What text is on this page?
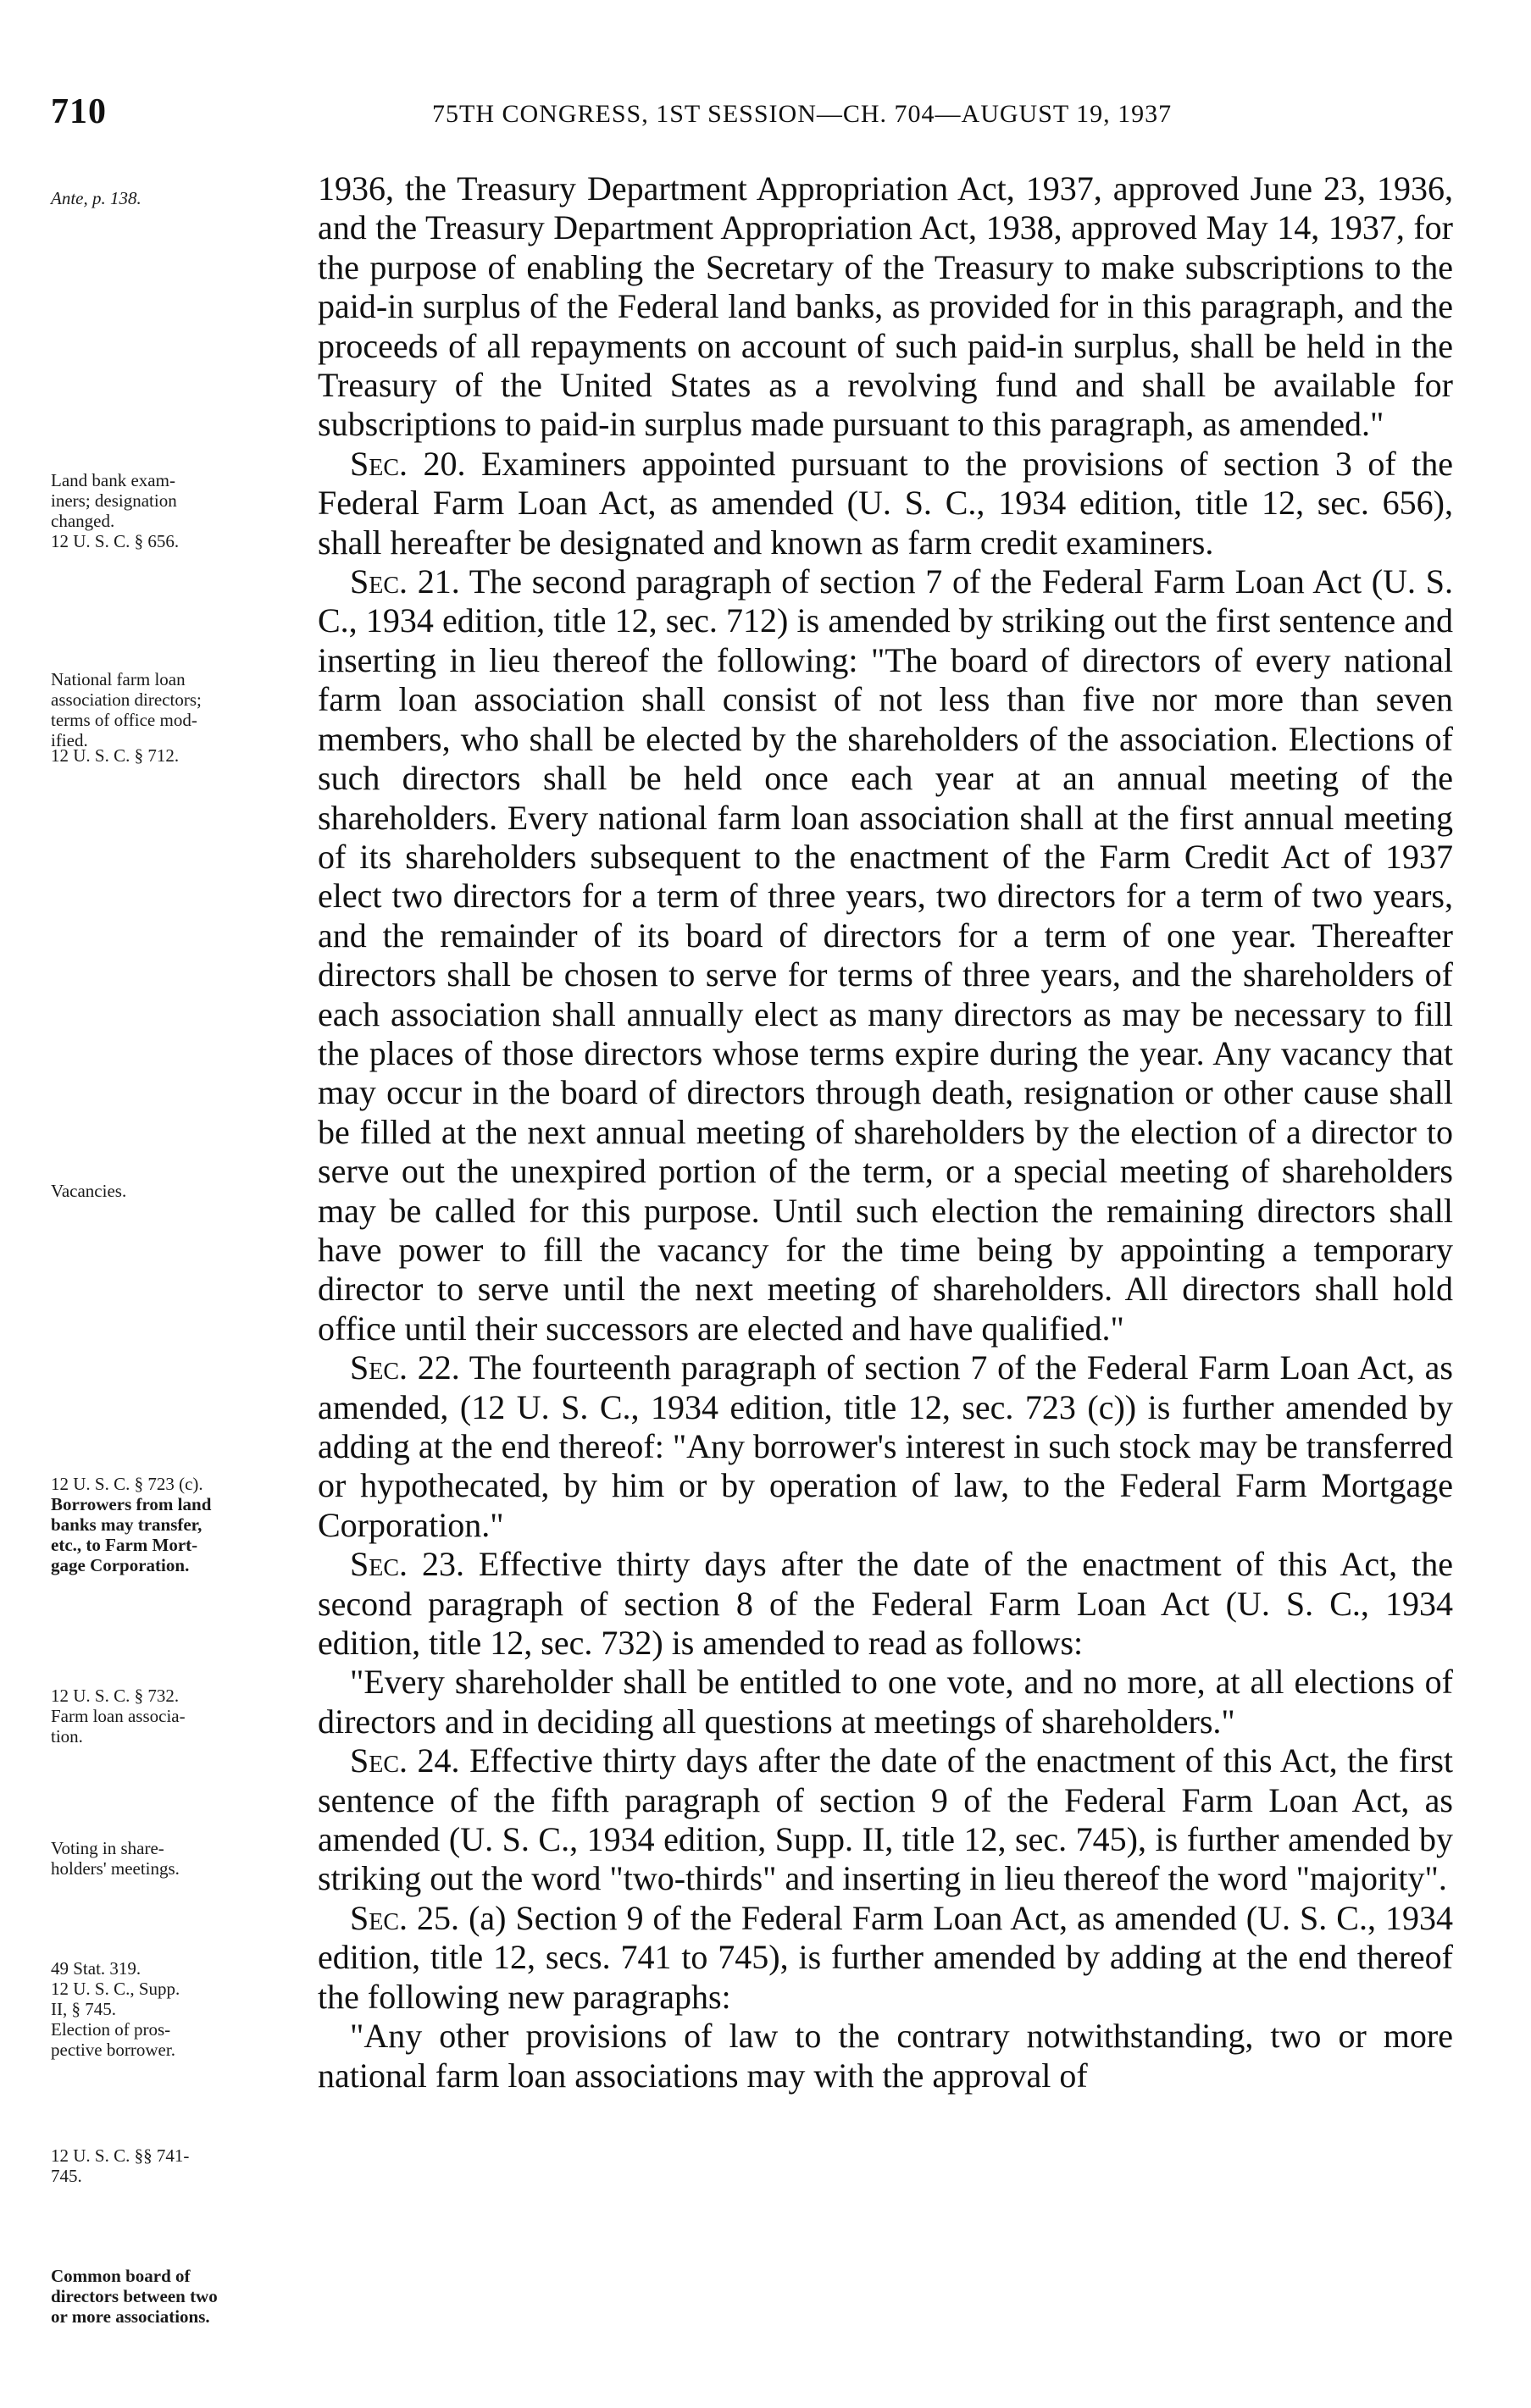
710	75TH CONGRESS, 1ST SESSION—CH. 704—AUGUST 19, 1937
Ante, p. 138.
Land bank exam-
iners; designation
changed.
12 U. S. C. § 656.
National farm loan
association directors;
terms of office mod-
ified.
12 U. S. C. § 712.
Vacancies.
12 U. S. C. § 723 (c).
Borrowers from land
banks may transfer,
etc., to Farm Mort-
gage Corporation.
12 U. S. C. § 732.
Farm loan associa-
tion.
Voting in share-
holders' meetings.
49 Stat. 319.
12 U. S. C., Supp.
II, § 745.
Election of pros-
pective borrower.
12 U. S. C. §§ 741-
745.
Common board of
directors between two
or more associations.

1936, the Treasury Department Appropriation Act, 1937, approved June 23, 1936, and the Treasury Department Appropriation Act, 1938, approved May 14, 1937, for the purpose of enabling the Secretary of the Treasury to make subscriptions to the paid-in surplus of the Federal land banks, as provided for in this paragraph, and the proceeds of all repayments on account of such paid-in surplus, shall be held in the Treasury of the United States as a revolving fund and shall be available for subscriptions to paid-in surplus made pursuant to this paragraph, as amended."

Sec. 20. Examiners appointed pursuant to the provisions of section 3 of the Federal Farm Loan Act, as amended (U. S. C., 1934 edition, title 12, sec. 656), shall hereafter be designated and known as farm credit examiners.

Sec. 21. The second paragraph of section 7 of the Federal Farm Loan Act (U. S. C., 1934 edition, title 12, sec. 712) is amended by striking out the first sentence and inserting in lieu thereof the following: "The board of directors of every national farm loan association shall consist of not less than five nor more than seven members, who shall be elected by the shareholders of the association. Elections of such directors shall be held once each year at an annual meeting of the shareholders. Every national farm loan association shall at the first annual meeting of its shareholders subsequent to the enactment of the Farm Credit Act of 1937 elect two directors for a term of three years, two directors for a term of two years, and the remainder of its board of directors for a term of one year. Thereafter directors shall be chosen to serve for terms of three years, and the shareholders of each association shall annually elect as many directors as may be necessary to fill the places of those directors whose terms expire during the year. Any vacancy that may occur in the board of directors through death, resignation or other cause shall be filled at the next annual meeting of shareholders by the election of a director to serve out the unexpired portion of the term, or a special meeting of shareholders may be called for this purpose. Until such election the remaining directors shall have power to fill the vacancy for the time being by appointing a temporary director to serve until the next meeting of shareholders. All directors shall hold office until their successors are elected and have qualified."

Sec. 22. The fourteenth paragraph of section 7 of the Federal Farm Loan Act, as amended, (12 U. S. C., 1934 edition, title 12, sec. 723 (c)) is further amended by adding at the end thereof: "Any borrower's interest in such stock may be transferred or hypothecated, by him or by operation of law, to the Federal Farm Mortgage Corporation."

Sec. 23. Effective thirty days after the date of the enactment of this Act, the second paragraph of section 8 of the Federal Farm Loan Act (U. S. C., 1934 edition, title 12, sec. 732) is amended to read as follows:

"Every shareholder shall be entitled to one vote, and no more, at all elections of directors and in deciding all questions at meetings of shareholders."

Sec. 24. Effective thirty days after the date of the enactment of this Act, the first sentence of the fifth paragraph of section 9 of the Federal Farm Loan Act, as amended (U. S. C., 1934 edition, Supp. II, title 12, sec. 745), is further amended by striking out the word "two-thirds" and inserting in lieu thereof the word "majority".

Sec. 25. (a) Section 9 of the Federal Farm Loan Act, as amended (U. S. C., 1934 edition, title 12, secs. 741 to 745), is further amended by adding at the end thereof the following new paragraphs:

"Any other provisions of law to the contrary notwithstanding, two or more national farm loan associations may with the approval of
